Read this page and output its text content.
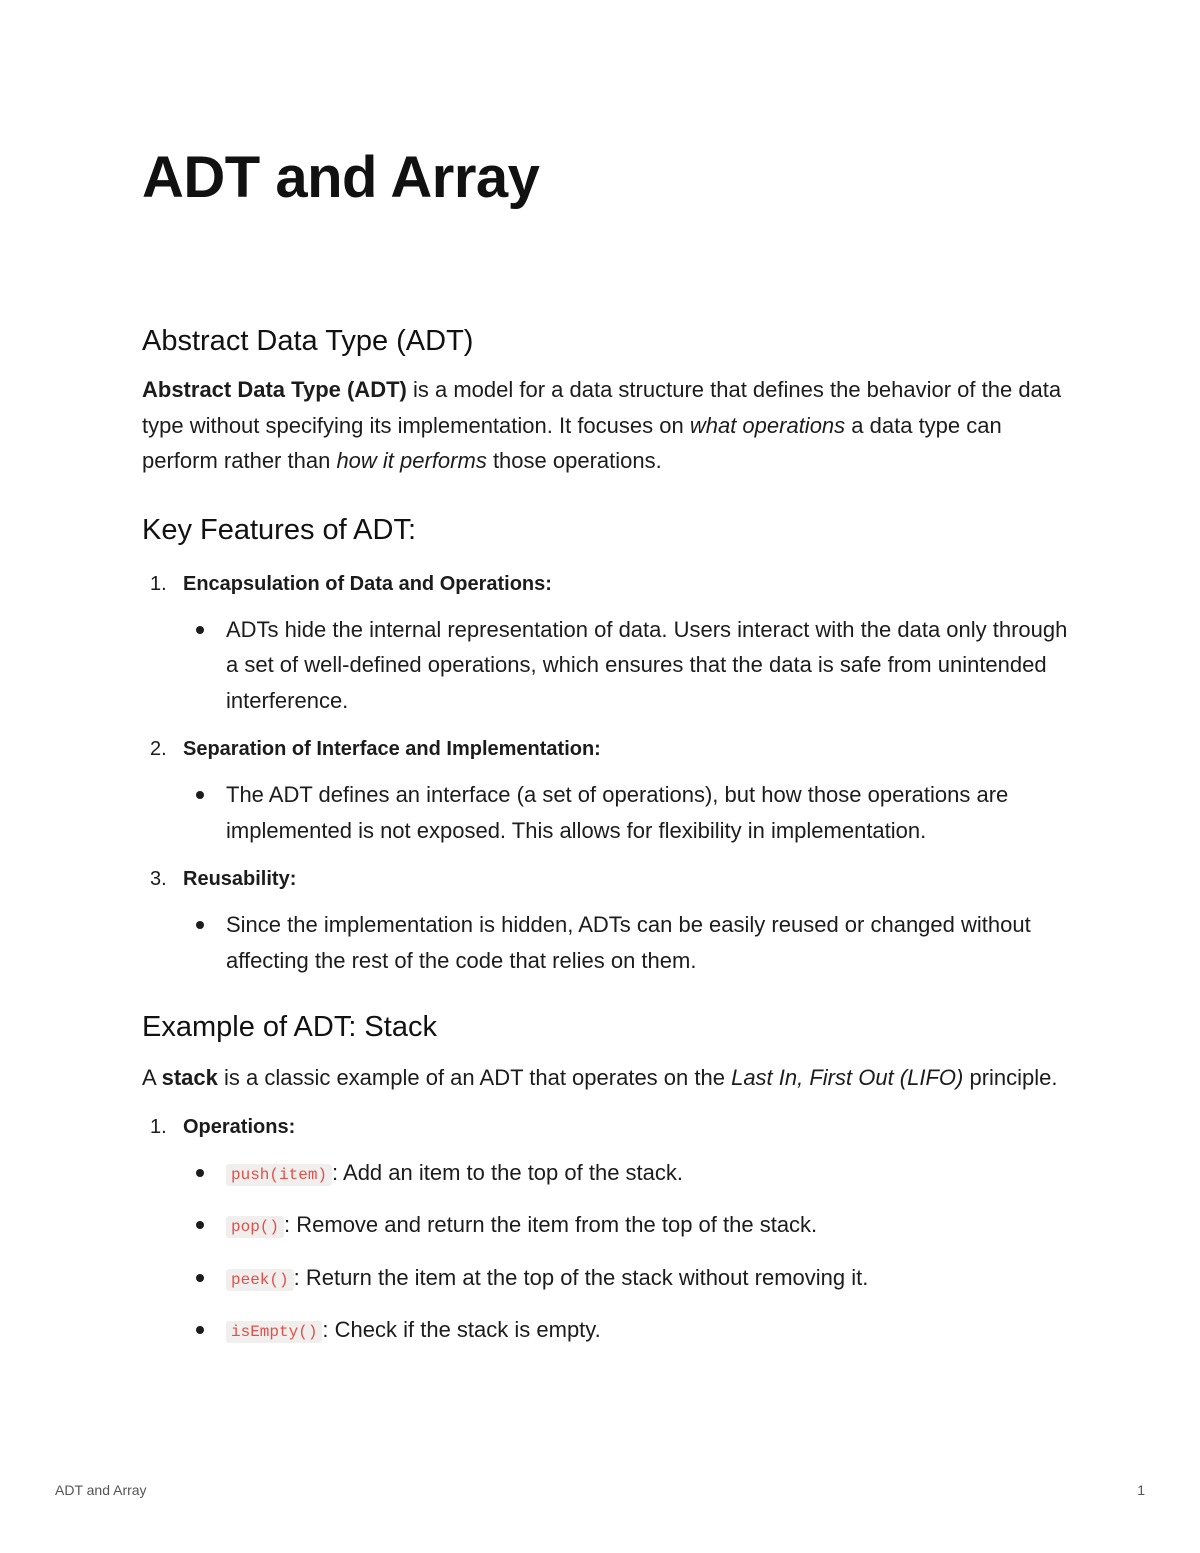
ADT and Array
Abstract Data Type (ADT)

Abstract Data Type (ADT) is a model for a data structure that defines the behavior of the data type without specifying its implementation. It focuses on what operations a data type can perform rather than how it performs those operations.

Key Features of ADT:
1. Encapsulation of Data and Operations:
ADTs hide the internal representation of data. Users interact with the data only through a set of well-defined operations, which ensures that the data is safe from unintended interference.
2. Separation of Interface and Implementation:
The ADT defines an interface (a set of operations), but how those operations are implemented is not exposed. This allows for flexibility in implementation.
3. Reusability:
Since the implementation is hidden, ADTs can be easily reused or changed without affecting the rest of the code that relies on them.
Example of ADT: Stack

A stack is a classic example of an ADT that operates on the Last In, First Out (LIFO) principle.

1. Operations:
push(item) : Add an item to the top of the stack.
pop() : Remove and return the item from the top of the stack.
peek() : Return the item at the top of the stack without removing it.
isEmpty() : Check if the stack is empty.
ADT and Array	1
